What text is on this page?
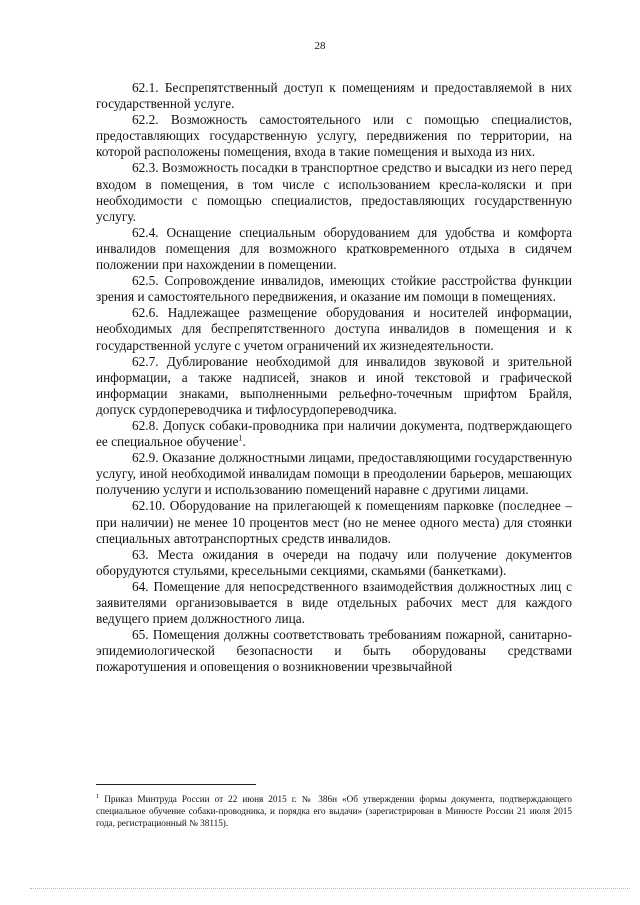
28

62.1. Беспрепятственный доступ к помещениям и предоставляемой в них государственной услуге.

62.2. Возможность самостоятельного или с помощью специалистов, предоставляющих государственную услугу, передвижения по территории, на которой расположены помещения, входа в такие помещения и выхода из них.

62.3. Возможность посадки в транспортное средство и высадки из него перед входом в помещения, в том числе с использованием кресла-коляски и при необходимости с помощью специалистов, предоставляющих государственную услугу.

62.4. Оснащение специальным оборудованием для удобства и комфорта инвалидов помещения для возможного кратковременного отдыха в сидячем положении при нахождении в помещении.

62.5. Сопровождение инвалидов, имеющих стойкие расстройства функции зрения и самостоятельного передвижения, и оказание им помощи в помещениях.

62.6. Надлежащее размещение оборудования и носителей информации, необходимых для беспрепятственного доступа инвалидов в помещения и к государственной услуге с учетом ограничений их жизнедеятельности.

62.7. Дублирование необходимой для инвалидов звуковой и зрительной информации, а также надписей, знаков и иной текстовой и графической информации знаками, выполненными рельефно-точечным шрифтом Брайля, допуск сурдопереводчика и тифлосурдопереводчика.

62.8. Допуск собаки-проводника при наличии документа, подтверждающего ее специальное обучение$^1$.

62.9. Оказание должностными лицами, предоставляющими государственную услугу, иной необходимой инвалидам помощи в преодолении барьеров, мешающих получению услуги и использованию помещений наравне с другими лицами.

62.10. Оборудование на прилегающей к помещениям парковке (последнее – при наличии) не менее 10 процентов мест (но не менее одного места) для стоянки специальных автотранспортных средств инвалидов.

63. Места ожидания в очереди на подачу или получение документов оборудуются стульями, кресельными секциями, скамьями (банкетками).

64. Помещение для непосредственного взаимодействия должностных лиц с заявителями организовывается в виде отдельных рабочих мест для каждого ведущего прием должностного лица.

65. Помещения должны соответствовать требованиям пожарной, санитарно-эпидемиологической безопасности и быть оборудованы средствами пожаротушения и оповещения о возникновении чрезвычайной

$^1$ Приказ Минтруда России от 22 июня 2015 г. № 386н «Об утверждении формы документа, подтверждающего специальное обучение собаки-проводника, и порядка его выдачи» (зарегистрирован в Минюсте России 21 июля 2015 года, регистрационный № 38115).
